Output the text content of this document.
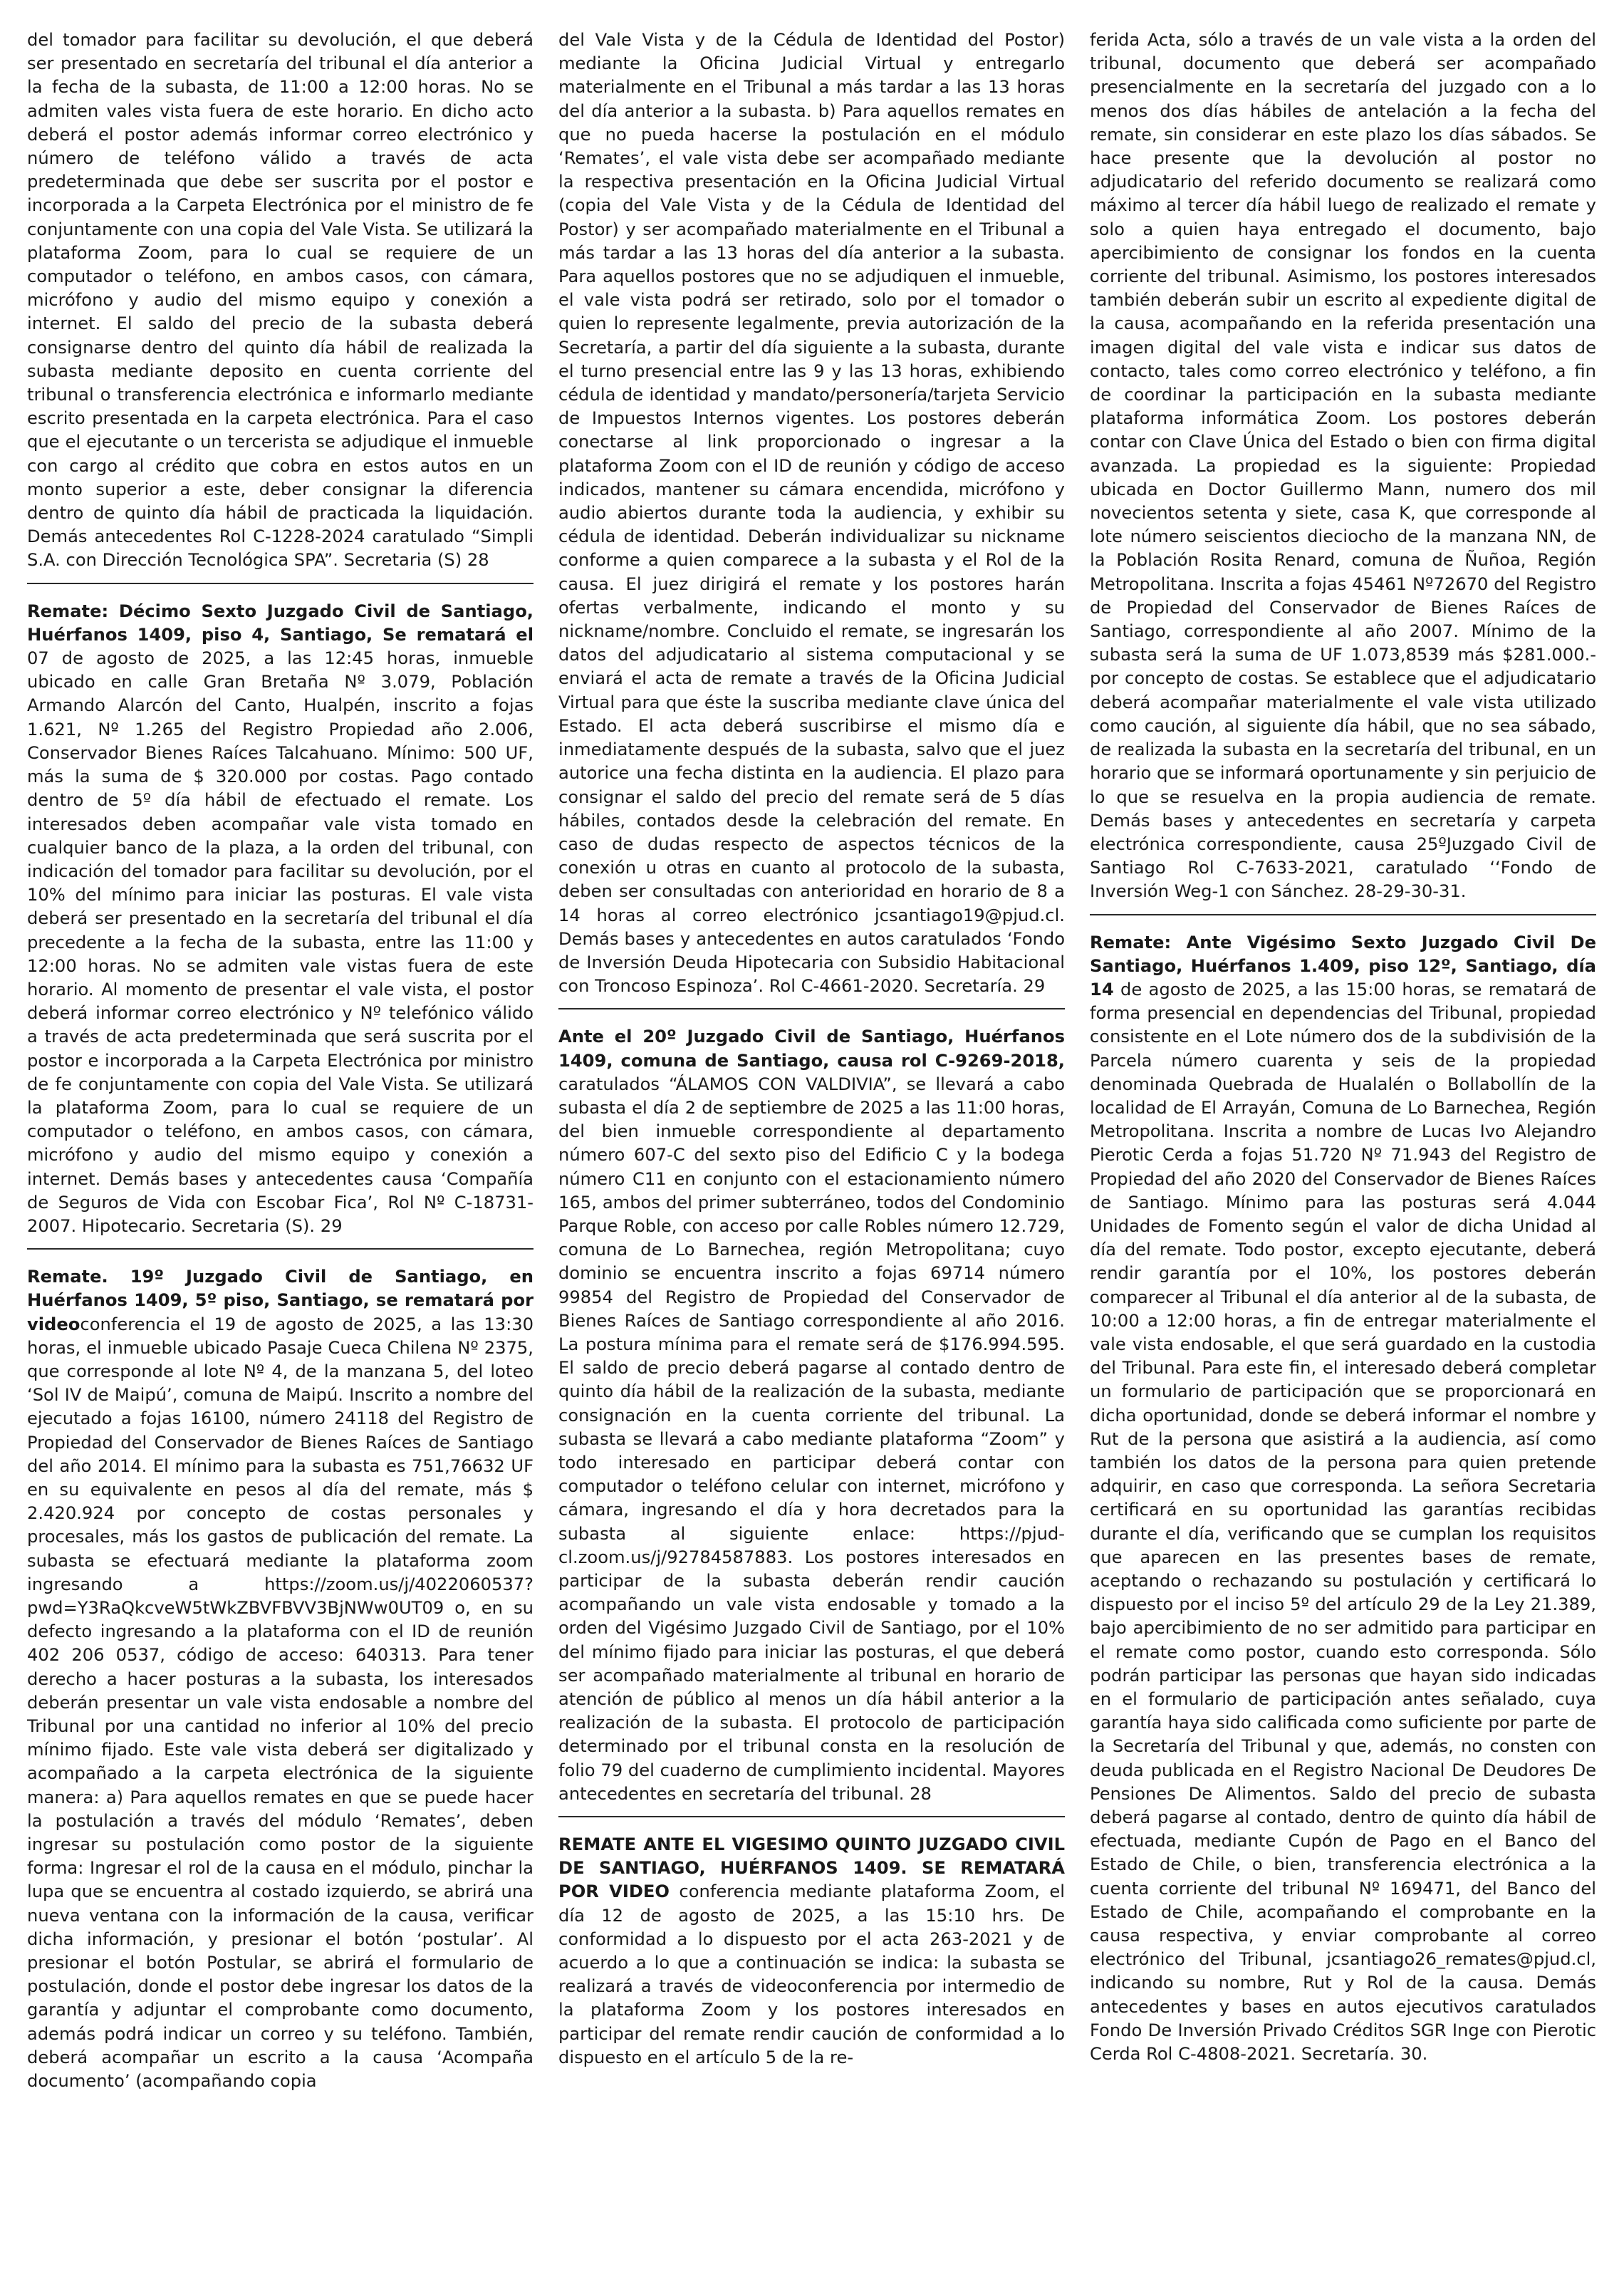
del tomador para facilitar su devolución, el que deberá ser presentado en secretaría del tribunal el día anterior a la fecha de la subasta, de 11:00 a 12:00 horas. No se admiten vales vista fuera de este horario. En dicho acto deberá el postor además informar correo electrónico y número de teléfono válido a través de acta predeterminada que debe ser suscrita por el postor e incorporada a la Carpeta Electrónica por el ministro de fe conjuntamente con una copia del Vale Vista. Se utilizará la plataforma Zoom, para lo cual se requiere de un computador o teléfono, en ambos casos, con cámara, micrófono y audio del mismo equipo y conexión a internet. El saldo del precio de la subasta deberá consignarse dentro del quinto día hábil de realizada la subasta mediante deposito en cuenta corriente del tribunal o transferencia electrónica e informarlo mediante escrito presentada en la carpeta electrónica. Para el caso que el ejecutante o un tercerista se adjudique el inmueble con cargo al crédito que cobra en estos autos en un monto superior a este, deber consignar la diferencia dentro de quinto día hábil de practicada la liquidación. Demás antecedentes Rol C-1228-2024 caratulado “Simpli S.A. con Dirección Tecnológica SPA”. Secretaria (S) 28

Remate: Décimo Sexto Juzgado Civil de Santiago, Huérfanos 1409, piso 4, Santiago, Se rematará el 07 de agosto de 2025, a las 12:45 horas, inmueble ubicado en calle Gran Bretaña Nº 3.079, Población Armando Alarcón del Canto, Hualpén, inscrito a fojas 1.621, Nº 1.265 del Registro Propiedad año 2.006, Conservador Bienes Raíces Talcahuano. Mínimo: 500 UF, más la suma de $ 320.000 por costas. Pago contado dentro de 5º día hábil de efectuado el remate. Los interesados deben acompañar vale vista tomado en cualquier banco de la plaza, a la orden del tribunal, con indicación del tomador para facilitar su devolución, por el 10% del mínimo para iniciar las posturas. El vale vista deberá ser presentado en la secretaría del tribunal el día precedente a la fecha de la subasta, entre las 11:00 y 12:00 horas. No se admiten vale vistas fuera de este horario. Al momento de presentar el vale vista, el postor deberá informar correo electrónico y Nº telefónico válido a través de acta predeterminada que será suscrita por el postor e incorporada a la Carpeta Electrónica por ministro de fe conjuntamente con copia del Vale Vista. Se utilizará la plataforma Zoom, para lo cual se requiere de un computador o teléfono, en ambos casos, con cámara, micrófono y audio del mismo equipo y conexión a internet. Demás bases y antecedentes causa ‘Compañía de Seguros de Vida con Escobar Fica’, Rol Nº C-18731-2007. Hipotecario. Secretaria (S). 29

Remate. 19º Juzgado Civil de Santiago, en Huérfanos 1409, 5º piso, Santiago, se rematará por videoconferencia el 19 de agosto de 2025, a las 13:30 horas, el inmueble ubicado Pasaje Cueca Chilena Nº 2375, que corresponde al lote Nº 4, de la manzana 5, del loteo ‘Sol IV de Maipú’, comuna de Maipú. Inscrito a nombre del ejecutado a fojas 16100, número 24118 del Registro de Propiedad del Conservador de Bienes Raíces de Santiago del año 2014. El mínimo para la subasta es 751,76632 UF en su equivalente en pesos al día del remate, más $ 2.420.924 por concepto de costas personales y procesales, más los gastos de publicación del remate. La subasta se efectuará mediante la plataforma zoom ingresando a https://zoom.us/j/4022060537?pwd=Y3RaQkcveW5tWkZBVFBVV3BjNWw0UT09 o, en su defecto ingresando a la plataforma con el ID de reunión 402 206 0537, código de acceso: 640313. Para tener derecho a hacer posturas a la subasta, los interesados deberán presentar un vale vista endosable a nombre del Tribunal por una cantidad no inferior al 10% del precio mínimo fijado. Este vale vista deberá ser digitalizado y acompañado a la carpeta electrónica de la siguiente manera: a) Para aquellos remates en que se puede hacer la postulación a través del módulo ‘Remates’, deben ingresar su postulación como postor de la siguiente forma: Ingresar el rol de la causa en el módulo, pinchar la lupa que se encuentra al costado izquierdo, se abrirá una nueva ventana con la información de la causa, verificar dicha información, y presionar el botón ‘postular’. Al presionar el botón Postular, se abrirá el formulario de postulación, donde el postor debe ingresar los datos de la garantía y adjuntar el comprobante como documento, además podrá indicar un correo y su teléfono. También, deberá acompañar un escrito a la causa ‘Acompaña documento’ (acompañando copia

del Vale Vista y de la Cédula de Identidad del Postor) mediante la Oficina Judicial Virtual y entregarlo materialmente en el Tribunal a más tardar a las 13 horas del día anterior a la subasta. b) Para aquellos remates en que no pueda hacerse la postulación en el módulo ‘Remates’, el vale vista debe ser acompañado mediante la respectiva presentación en la Oficina Judicial Virtual (copia del Vale Vista y de la Cédula de Identidad del Postor) y ser acompañado materialmente en el Tribunal a más tardar a las 13 horas del día anterior a la subasta. Para aquellos postores que no se adjudiquen el inmueble, el vale vista podrá ser retirado, solo por el tomador o quien lo represente legalmente, previa autorización de la Secretaría, a partir del día siguiente a la subasta, durante el turno presencial entre las 9 y las 13 horas, exhibiendo cédula de identidad y mandato/personería/tarjeta Servicio de Impuestos Internos vigentes. Los postores deberán conectarse al link proporcionado o ingresar a la plataforma Zoom con el ID de reunión y código de acceso indicados, mantener su cámara encendida, micrófono y audio abiertos durante toda la audiencia, y exhibir su cédula de identidad. Deberán individualizar su nickname conforme a quien comparece a la subasta y el Rol de la causa. El juez dirigirá el remate y los postores harán ofertas verbalmente, indicando el monto y su nickname/nombre. Concluido el remate, se ingresarán los datos del adjudicatario al sistema computacional y se enviará el acta de remate a través de la Oficina Judicial Virtual para que éste la suscriba mediante clave única del Estado. El acta deberá suscribirse el mismo día e inmediatamente después de la subasta, salvo que el juez autorice una fecha distinta en la audiencia. El plazo para consignar el saldo del precio del remate será de 5 días hábiles, contados desde la celebración del remate. En caso de dudas respecto de aspectos técnicos de la conexión u otras en cuanto al protocolo de la subasta, deben ser consultadas con anterioridad en horario de 8 a 14 horas al correo electrónico jcsantiago19@pjud.cl. Demás bases y antecedentes en autos caratulados ‘Fondo de Inversión Deuda Hipotecaria con Subsidio Habitacional con Troncoso Espinoza’. Rol C-4661-2020. Secretaría. 29

Ante el 20º Juzgado Civil de Santiago, Huérfanos 1409, comuna de Santiago, causa rol C-9269-2018, caratulados “ÁLAMOS CON VALDIVIA”, se llevará a cabo subasta el día 2 de septiembre de 2025 a las 11:00 horas, del bien inmueble correspondiente al departamento número 607-C del sexto piso del Edificio C y la bodega número C11 en conjunto con el estacionamiento número 165, ambos del primer subterráneo, todos del Condominio Parque Roble, con acceso por calle Robles número 12.729, comuna de Lo Barnechea, región Metropolitana; cuyo dominio se encuentra inscrito a fojas 69714 número 99854 del Registro de Propiedad del Conservador de Bienes Raíces de Santiago correspondiente al año 2016. La postura mínima para el remate será de $176.994.595. El saldo de precio deberá pagarse al contado dentro de quinto día hábil de la realización de la subasta, mediante consignación en la cuenta corriente del tribunal. La subasta se llevará a cabo mediante plataforma “Zoom” y todo interesado en participar deberá contar con computador o teléfono celular con internet, micrófono y cámara, ingresando el día y hora decretados para la subasta al siguiente enlace: https://pjud-cl.zoom.us/j/92784587883. Los postores interesados en participar de la subasta deberán rendir caución acompañando un vale vista endosable y tomado a la orden del Vigésimo Juzgado Civil de Santiago, por el 10% del mínimo fijado para iniciar las posturas, el que deberá ser acompañado materialmente al tribunal en horario de atención de público al menos un día hábil anterior a la realización de la subasta. El protocolo de participación determinado por el tribunal consta en la resolución de folio 79 del cuaderno de cumplimiento incidental. Mayores antecedentes en secretaría del tribunal. 28

REMATE ANTE EL VIGESIMO QUINTO JUZGADO CIVIL DE SANTIAGO, HUÉRFANOS 1409. SE REMATARÁ POR VIDEO conferencia mediante plataforma Zoom, el día 12 de agosto de 2025, a las 15:10 hrs. De conformidad a lo dispuesto por el acta 263-2021 y de acuerdo a lo que a continuación se indica: la subasta se realizará a través de videoconferencia por intermedio de la plataforma Zoom y los postores interesados en participar del remate rendir caución de conformidad a lo dispuesto en el artículo 5 de la re-

ferida Acta, sólo a través de un vale vista a la orden del tribunal, documento que deberá ser acompañado presencialmente en la secretaría del juzgado con a lo menos dos días hábiles de antelación a la fecha del remate, sin considerar en este plazo los días sábados. Se hace presente que la devolución al postor no adjudicatario del referido documento se realizará como máximo al tercer día hábil luego de realizado el remate y solo a quien haya entregado el documento, bajo apercibimiento de consignar los fondos en la cuenta corriente del tribunal. Asimismo, los postores interesados también deberán subir un escrito al expediente digital de la causa, acompañando en la referida presentación una imagen digital del vale vista e indicar sus datos de contacto, tales como correo electrónico y teléfono, a fin de coordinar la participación en la subasta mediante plataforma informática Zoom. Los postores deberán contar con Clave Única del Estado o bien con firma digital avanzada. La propiedad es la siguiente: Propiedad ubicada en Doctor Guillermo Mann, numero dos mil novecientos setenta y siete, casa K, que corresponde al lote número seiscientos dieciocho de la manzana NN, de la Población Rosita Renard, comuna de Ñuñoa, Región Metropolitana. Inscrita a fojas 45461 Nº72670 del Registro de Propiedad del Conservador de Bienes Raíces de Santiago, correspondiente al año 2007. Mínimo de la subasta será la suma de UF 1.073,8539 más $281.000.- por concepto de costas. Se establece que el adjudicatario deberá acompañar materialmente el vale vista utilizado como caución, al siguiente día hábil, que no sea sábado, de realizada la subasta en la secretaría del tribunal, en un horario que se informará oportunamente y sin perjuicio de lo que se resuelva en la propia audiencia de remate. Demás bases y antecedentes en secretaría y carpeta electrónica correspondiente, causa 25ºJuzgado Civil de Santiago Rol C-7633-2021, caratulado ‘‘Fondo de Inversión Weg-1 con Sánchez. 28-29-30-31.

Remate: Ante Vigésimo Sexto Juzgado Civil De Santiago, Huérfanos 1.409, piso 12º, Santiago, día 14 de agosto de 2025, a las 15:00 horas, se rematará de forma presencial en dependencias del Tribunal, propiedad consistente en el Lote número dos de la subdivisión de la Parcela número cuarenta y seis de la propiedad denominada Quebrada de Hualalén o Bollabollín de la localidad de El Arrayán, Comuna de Lo Barnechea, Región Metropolitana. Inscrita a nombre de Lucas Ivo Alejandro Pierotic Cerda a fojas 51.720 Nº 71.943 del Registro de Propiedad del año 2020 del Conservador de Bienes Raíces de Santiago. Mínimo para las posturas será 4.044 Unidades de Fomento según el valor de dicha Unidad al día del remate. Todo postor, excepto ejecutante, deberá rendir garantía por el 10%, los postores deberán comparecer al Tribunal el día anterior al de la subasta, de 10:00 a 12:00 horas, a fin de entregar materialmente el vale vista endosable, el que será guardado en la custodia del Tribunal. Para este fin, el interesado deberá completar un formulario de participación que se proporcionará en dicha oportunidad, donde se deberá informar el nombre y Rut de la persona que asistirá a la audiencia, así como también los datos de la persona para quien pretende adquirir, en caso que corresponda. La señora Secretaria certificará en su oportunidad las garantías recibidas durante el día, verificando que se cumplan los requisitos que aparecen en las presentes bases de remate, aceptando o rechazando su postulación y certificará lo dispuesto por el inciso 5º del artículo 29 de la Ley 21.389, bajo apercibimiento de no ser admitido para participar en el remate como postor, cuando esto corresponda. Sólo podrán participar las personas que hayan sido indicadas en el formulario de participación antes señalado, cuya garantía haya sido calificada como suficiente por parte de la Secretaría del Tribunal y que, además, no consten con deuda publicada en el Registro Nacional De Deudores De Pensiones De Alimentos. Saldo del precio de subasta deberá pagarse al contado, dentro de quinto día hábil de efectuada, mediante Cupón de Pago en el Banco del Estado de Chile, o bien, transferencia electrónica a la cuenta corriente del tribunal Nº 169471, del Banco del Estado de Chile, acompañando el comprobante en la causa respectiva, y enviar comprobante al correo electrónico del Tribunal, jcsantiago26_remates@pjud.cl, indicando su nombre, Rut y Rol de la causa. Demás antecedentes y bases en autos ejecutivos caratulados Fondo De Inversión Privado Créditos SGR Inge con Pierotic Cerda Rol C-4808-2021. Secretaría. 30.
